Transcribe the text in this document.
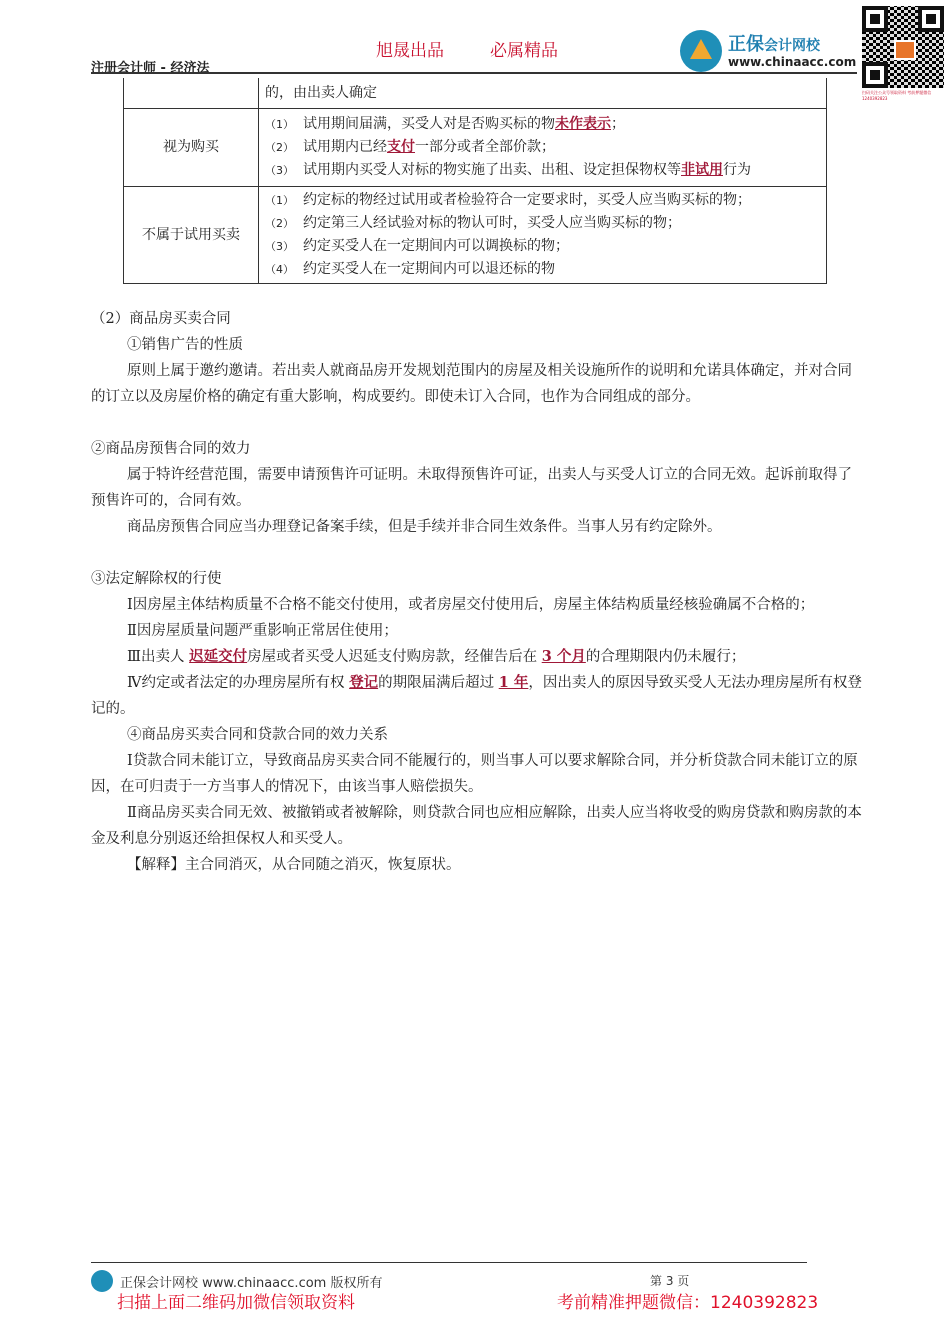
注册会计师 - 经济法
旭晟出品	必属精品	正保会计网校
www.chinaacc.com
扫码关注公众号领取资料 考前押题微信 1240392823

	的，由出卖人确定

视为购买	（1） 试用期间届满，买受人对是否购买标的物未作表示；
（2） 试用期内已经支付一部分或者全部价款；
（3） 试用期内买受人对标的物实施了出卖、出租、设定担保物权等非试用行为

不属于试用买卖	（1） 约定标的物经过试用或者检验符合一定要求时，买受人应当购买标的物；
（2） 约定第三人经试验对标的物认可时，买受人应当购买标的物；
（3） 约定买受人在一定期间内可以调换标的物；
（4） 约定买受人在一定期间内可以退还标的物

（2）商品房买卖合同

①销售广告的性质

原则上属于邀约邀请。若出卖人就商品房开发规划范围内的房屋及相关设施所作的说明和允诺具体确定，并对合同的订立以及房屋价格的确定有重大影响，构成要约。即使未订入合同，也作为合同组成的部分。

②商品房预售合同的效力

属于特许经营范围，需要申请预售许可证明。未取得预售许可证，出卖人与买受人订立的合同无效。起诉前取得了预售许可的，合同有效。

商品房预售合同应当办理登记备案手续，但是手续并非合同生效条件。当事人另有约定除外。

③法定解除权的行使

Ⅰ因房屋主体结构质量不合格不能交付使用，或者房屋交付使用后，房屋主体结构质量经核验确属不合格的；

Ⅱ因房屋质量问题严重影响正常居住使用；

Ⅲ出卖人 迟延交付房屋或者买受人迟延支付购房款，经催告后在 3 个月的合理期限内仍未履行；

Ⅳ约定或者法定的办理房屋所有权 登记的期限届满后超过 1 年，因出卖人的原因导致买受人无法办理房屋所有权登记的。

④商品房买卖合同和贷款合同的效力关系

Ⅰ贷款合同未能订立，导致商品房买卖合同不能履行的，则当事人可以要求解除合同，并分析贷款合同未能订立的原因，在可归责于一方当事人的情况下，由该当事人赔偿损失。

Ⅱ商品房买卖合同无效、被撤销或者被解除，则贷款合同也应相应解除，出卖人应当将收受的购房贷款和购房款的本金及利息分别返还给担保权人和买受人。

【解释】主合同消灭，从合同随之消灭，恢复原状。

正保会计网校 www.chinaacc.com 版权所有	第 3 页
扫描上面二维码加微信领取资料	考前精准押题微信：1240392823
